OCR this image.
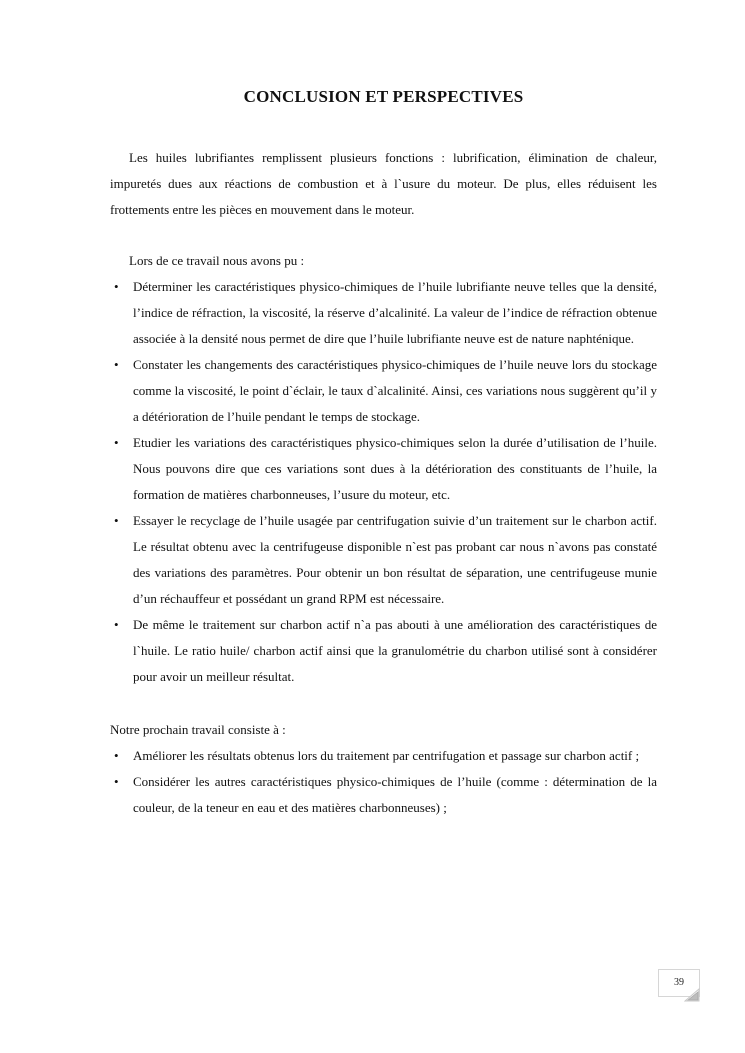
CONCLUSION ET PERSPECTIVES

Les huiles lubrifiantes remplissent plusieurs fonctions : lubrification, élimination de chaleur, impuretés dues aux réactions de combustion et à l`usure du moteur. De plus, elles réduisent les frottements entre les pièces en mouvement dans le moteur.

Lors de ce travail nous avons pu :

• Déterminer les caractéristiques physico-chimiques de l’huile lubrifiante neuve telles que la densité, l’indice de réfraction, la viscosité, la réserve d’alcalinité. La valeur de l’indice de réfraction obtenue associée à la densité nous permet de dire que l’huile lubrifiante neuve est de nature naphténique.
• Constater les changements des caractéristiques physico-chimiques de l’huile neuve lors du stockage comme la viscosité, le point d`éclair, le taux d`alcalinité. Ainsi, ces variations nous suggèrent qu’il y a détérioration de l’huile pendant le temps de stockage.
• Etudier les variations des caractéristiques physico-chimiques selon la durée d’utilisation de l’huile. Nous pouvons dire que ces variations sont dues à la détérioration des constituants de l’huile, la formation de matières charbonneuses, l’usure du moteur, etc.
• Essayer le recyclage de l’huile usagée par centrifugation suivie d’un traitement sur le charbon actif. Le résultat obtenu avec la centrifugeuse disponible n`est pas probant car nous n`avons pas constaté des variations des paramètres. Pour obtenir un bon résultat de séparation, une centrifugeuse munie d’un réchauffeur et possédant un grand RPM est nécessaire.
• De même le traitement sur charbon actif n`a pas abouti à une amélioration des caractéristiques de l`huile. Le ratio huile/ charbon actif ainsi que la granulométrie du charbon utilisé sont à considérer pour avoir un meilleur résultat.

Notre prochain travail consiste à :

• Améliorer les résultats obtenus lors du traitement par centrifugation et passage sur charbon actif ;
• Considérer les autres caractéristiques physico-chimiques de l’huile (comme : détermination de la couleur, de la teneur en eau et des matières charbonneuses) ;
39
